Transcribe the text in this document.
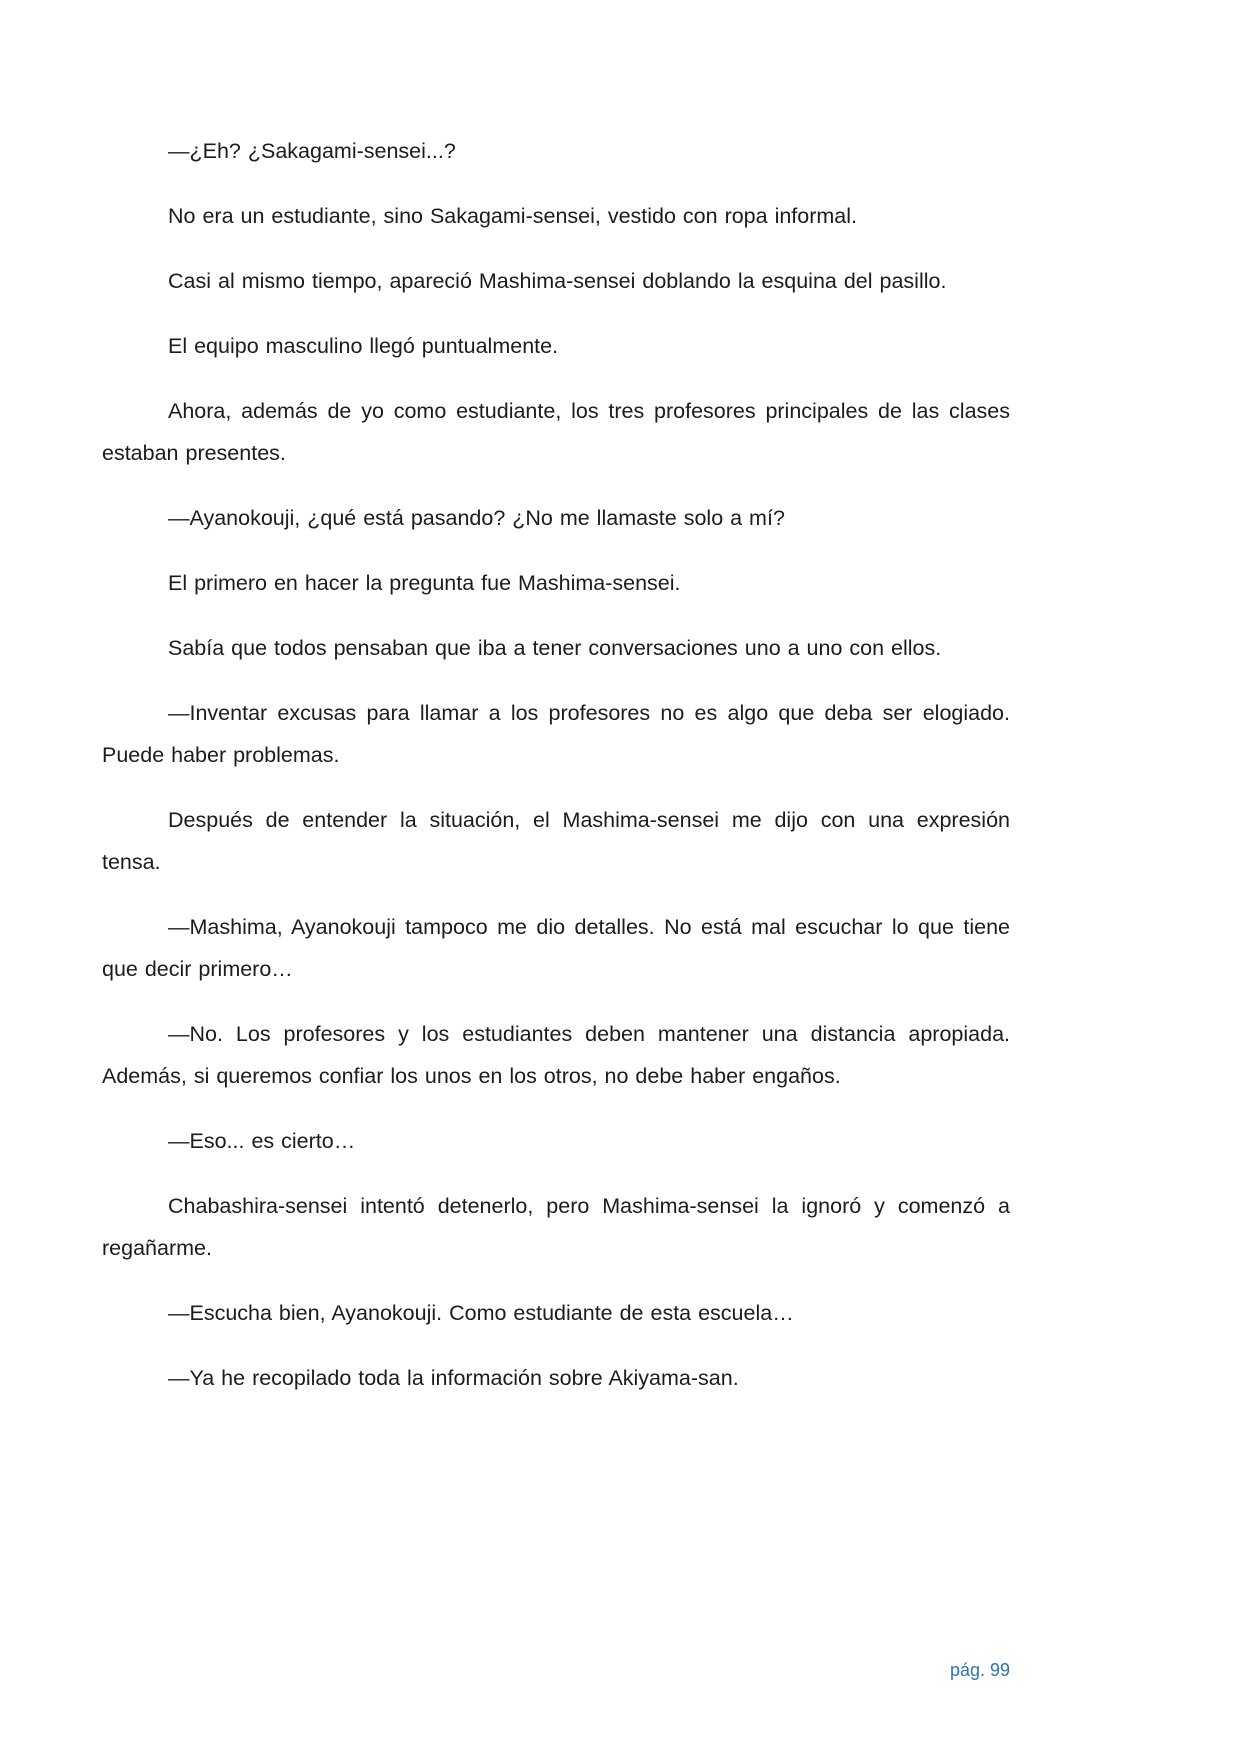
—¿Eh? ¿Sakagami-sensei...?

No era un estudiante, sino Sakagami-sensei, vestido con ropa informal.

Casi al mismo tiempo, apareció Mashima-sensei doblando la esquina del pasillo.

El equipo masculino llegó puntualmente.

Ahora, además de yo como estudiante, los tres profesores principales de las clases estaban presentes.

—Ayanokouji, ¿qué está pasando? ¿No me llamaste solo a mí?

El primero en hacer la pregunta fue Mashima-sensei.

Sabía que todos pensaban que iba a tener conversaciones uno a uno con ellos.

—Inventar excusas para llamar a los profesores no es algo que deba ser elogiado. Puede haber problemas.

Después de entender la situación, el Mashima-sensei me dijo con una expresión tensa.

—Mashima, Ayanokouji tampoco me dio detalles. No está mal escuchar lo que tiene que decir primero…

—No. Los profesores y los estudiantes deben mantener una distancia apropiada. Además, si queremos confiar los unos en los otros, no debe haber engaños.

—Eso... es cierto…

Chabashira-sensei intentó detenerlo, pero Mashima-sensei la ignoró y comenzó a regañarme.

—Escucha bien, Ayanokouji. Como estudiante de esta escuela…

—Ya he recopilado toda la información sobre Akiyama-san.

pág. 99
